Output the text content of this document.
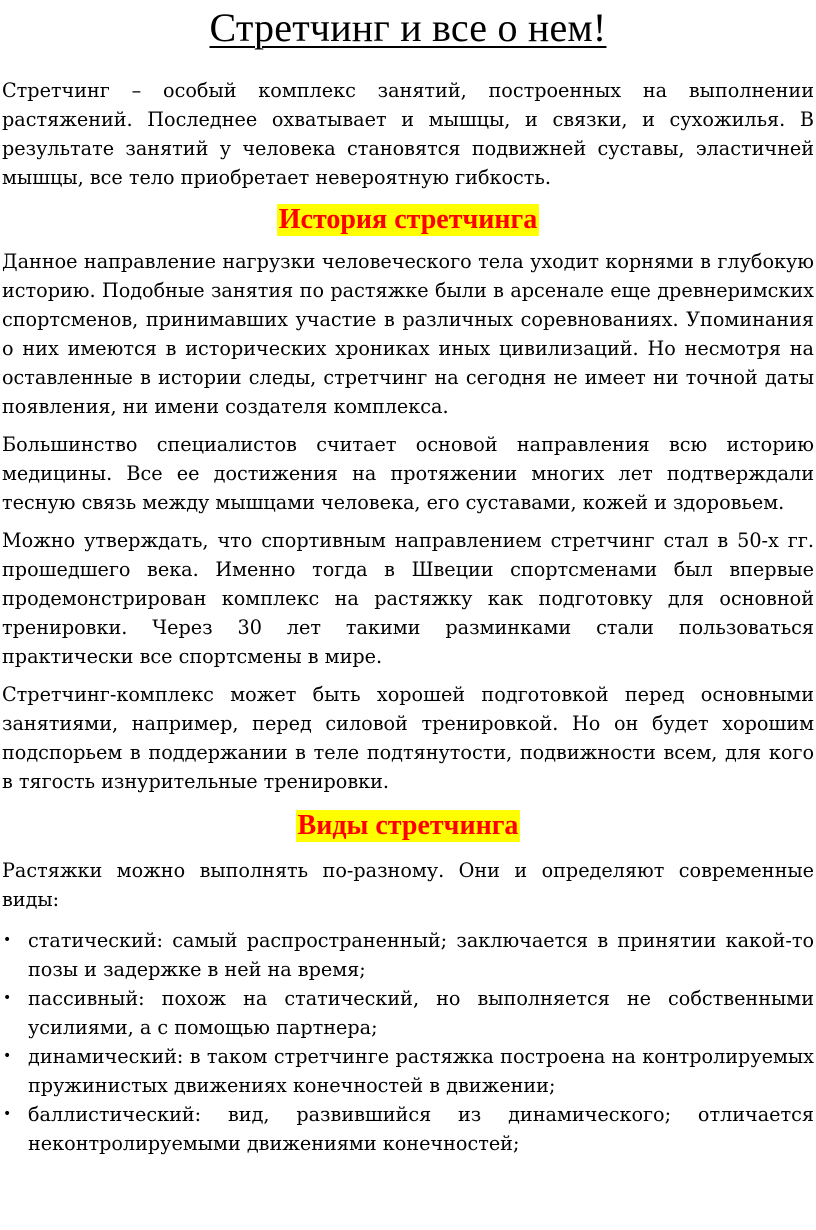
Стретчинг и все о нем!

Стретчинг – особый комплекс занятий, построенных на выполнении растяжений. Последнее охватывает и мышцы, и связки, и сухожилья. В результате занятий у человека становятся подвижней суставы, эластичней мышцы, все тело приобретает невероятную гибкость.

История стретчинга

Данное направление нагрузки человеческого тела уходит корнями в глубокую историю. Подобные занятия по растяжке были в арсенале еще древнеримских спортсменов, принимавших участие в различных соревнованиях. Упоминания о них имеются в исторических хрониках иных цивилизаций. Но несмотря на оставленные в истории следы, стретчинг на сегодня не имеет ни точной даты появления, ни имени создателя комплекса.

Большинство специалистов считает основой направления всю историю медицины. Все ее достижения на протяжении многих лет подтверждали тесную связь между мышцами человека, его суставами, кожей и здоровьем.

Можно утверждать, что спортивным направлением стретчинг стал в 50-х гг. прошедшего века. Именно тогда в Швеции спортсменами был впервые продемонстрирован комплекс на растяжку как подготовку для основной тренировки. Через 30 лет такими разминками стали пользоваться практически все спортсмены в мире.

Стретчинг-комплекс может быть хорошей подготовкой перед основными занятиями, например, перед силовой тренировкой. Но он будет хорошим подспорьем в поддержании в теле подтянутости, подвижности всем, для кого в тягость изнурительные тренировки.

Виды стретчинга

Растяжки можно выполнять по-разному. Они и определяют современные виды:

• статический: самый распространенный; заключается в принятии какой-то позы и задержке в ней на время;
• пассивный: похож на статический, но выполняется не собственными усилиями, а с помощью партнера;
• динамический: в таком стретчинге растяжка построена на контролируемых пружинистых движениях конечностей в движении;
• баллистический: вид, развившийся из динамического; отличается неконтролируемыми движениями конечностей;
